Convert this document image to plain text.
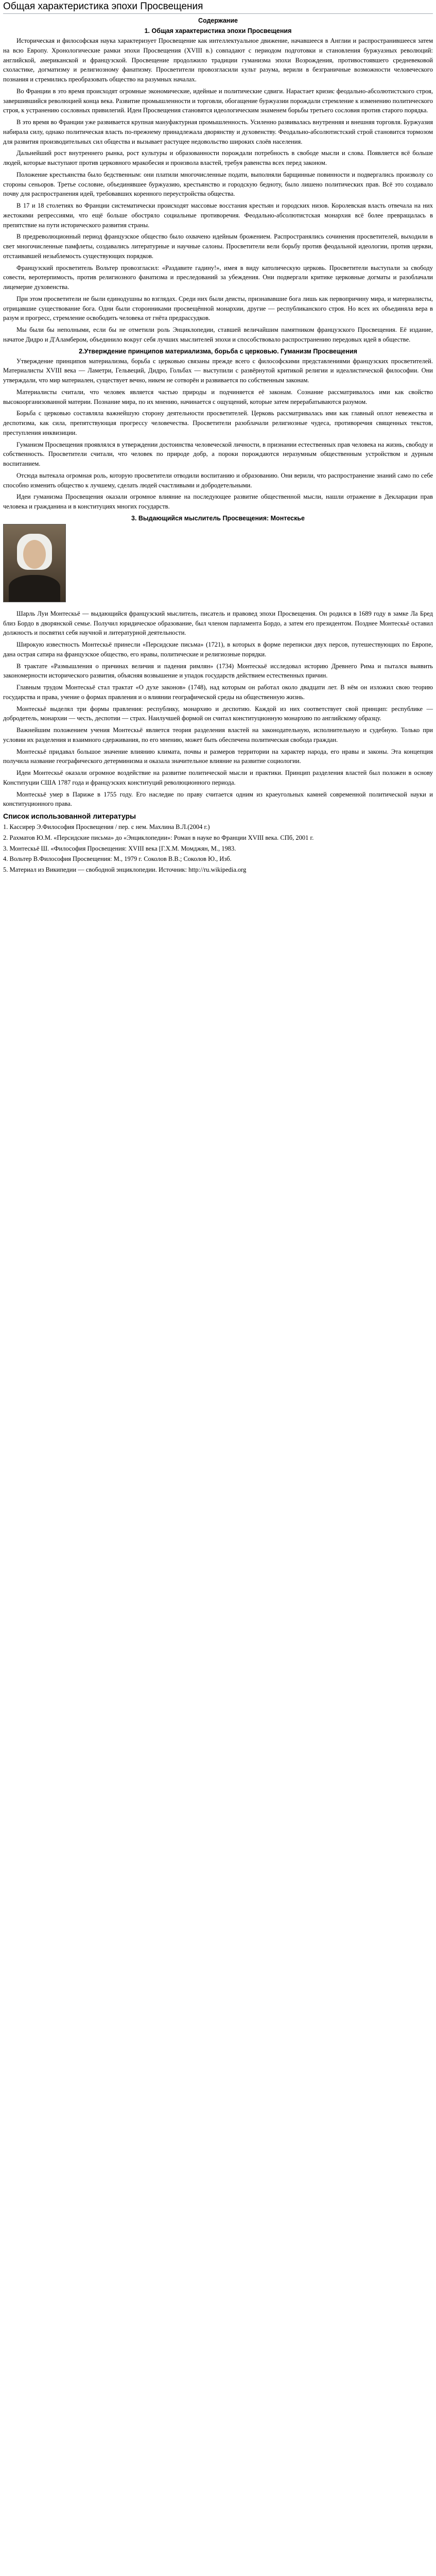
Общая характеристика эпохи Просвещения
Содержание
1. Общая характеристика эпохи Просвещения

Историческая и философская наука характеризует Просвещение как интеллектуальное движение, начавшееся в Англии и распространившееся затем на всю Европу. Хронологические рамки эпохи Просвещения (XVIII в.) совпадают с периодом подготовки и становления буржуазных революций: английской, американской и французской. Просвещение продолжило традиции гуманизма эпохи Возрождения, противостоявшего средневековой схоластике, догматизму и религиозному фанатизму. Просветители провозгласили культ разума, верили в безграничные возможности человеческого познания и стремились преобразовать общество на разумных началах.

Во Франции в это время происходят огромные экономические, идейные и политические сдвиги. Нарастает кризис феодально-абсолютистского строя, завершившийся революцией конца века. Развитие промышленности и торговли, обогащение буржуазии порождали стремление к изменению политического строя, к устранению сословных привилегий. Идеи Просвещения становятся идеологическим знаменем борьбы третьего сословия против старого порядка.

В это время во Франции уже развивается крупная мануфактурная промышленность. Усиленно развивалась внутренняя и внешняя торговля. Буржуазия набирала силу, однако политическая власть по-прежнему принадлежала дворянству и духовенству. Феодально-абсолютистский строй становится тормозом для развития производительных сил общества и вызывает растущее недовольство широких слоёв населения.

Дальнейший рост внутреннего рынка, рост культуры и образованности порождали потребность в свободе мысли и слова. Появляется всё больше людей, которые выступают против церковного мракобесия и произвола властей, требуя равенства всех перед законом.

Положение крестьянства было бедственным: они платили многочисленные подати, выполняли барщинные повинности и подвергались произволу со стороны сеньоров. Третье сословие, объединявшее буржуазию, крестьянство и городскую бедноту, было лишено политических прав. Всё это создавало почву для распространения идей, требовавших коренного переустройства общества.

В 17 и 18 столетиях во Франции систематически происходят массовые восстания крестьян и городских низов. Королевская власть отвечала на них жестокими репрессиями, что ещё больше обостряло социальные противоречия. Феодально-абсолютистская монархия всё более превращалась в препятствие на пути исторического развития страны.

В предреволюционный период французское общество было охвачено идейным брожением. Распространялись сочинения просветителей, выходили в свет многочисленные памфлеты, создавались литературные и научные салоны. Просветители вели борьбу против феодальной идеологии, против церкви, отстаивавшей незыблемость существующих порядков.

Французский просветитель Вольтер провозгласил: «Раздавите гадину!», имея в виду католическую церковь. Просветители выступали за свободу совести, веротерпимость, против религиозного фанатизма и преследований за убеждения. Они подвергали критике церковные догматы и разоблачали лицемерие духовенства.

При этом просветители не были единодушны во взглядах. Среди них были деисты, признававшие бога лишь как первопричину мира, и материалисты, отрицавшие существование бога. Одни были сторонниками просвещённой монархии, другие — республиканского строя. Но всех их объединяла вера в разум и прогресс, стремление освободить человека от гнёта предрассудков.

Мы были бы неполными, если бы не отметили роль Энциклопедии, ставшей величайшим памятником французского Просвещения. Её издание, начатое Дидро и Д'Аламбером, объединило вокруг себя лучших мыслителей эпохи и способствовало распространению передовых идей в обществе.

2.Утверждение принципов материализма, борьба с церковью. Гуманизм Просвещения

Утверждение принципов материализма, борьба с церковью связаны прежде всего с философскими представлениями французских просветителей. Материалисты XVIII века — Ламетри, Гельвеций, Дидро, Гольбах — выступили с развёрнутой критикой религии и идеалистической философии. Они утверждали, что мир материален, существует вечно, никем не сотворён и развивается по собственным законам.

Материалисты считали, что человек является частью природы и подчиняется её законам. Сознание рассматривалось ими как свойство высокоорганизованной материи. Познание мира, по их мнению, начинается с ощущений, которые затем перерабатываются разумом.

Борьба с церковью составляла важнейшую сторону деятельности просветителей. Церковь рассматривалась ими как главный оплот невежества и деспотизма, как сила, препятствующая прогрессу человечества. Просветители разоблачали религиозные чудеса, противоречия священных текстов, преступления инквизиции.

Гуманизм Просвещения проявлялся в утверждении достоинства человеческой личности, в признании естественных прав человека на жизнь, свободу и собственность. Просветители считали, что человек по природе добр, а пороки порождаются неразумным общественным устройством и дурным воспитанием.

Отсюда вытекала огромная роль, которую просветители отводили воспитанию и образованию. Они верили, что распространение знаний само по себе способно изменить общество к лучшему, сделать людей счастливыми и добродетельными.

Идеи гуманизма Просвещения оказали огромное влияние на последующее развитие общественной мысли, нашли отражение в Декларации прав человека и гражданина и в конституциях многих государств.

3. Выдающийся мыслитель Просвещения: Монтескье

Шарль Луи Монтескьё — выдающийся французский мыслитель, писатель и правовед эпохи Просвещения. Он родился в 1689 году в замке Ла Бред близ Бордо в дворянской семье. Получил юридическое образование, был членом парламента Бордо, а затем его президентом. Позднее Монтескьё оставил должность и посвятил себя научной и литературной деятельности.

Широкую известность Монтескьё принесли «Персидские письма» (1721), в которых в форме переписки двух персов, путешествующих по Европе, дана острая сатира на французское общество, его нравы, политические и религиозные порядки.

В трактате «Размышления о причинах величия и падения римлян» (1734) Монтескьё исследовал историю Древнего Рима и пытался выявить закономерности исторического развития, объясняя возвышение и упадок государств действием естественных причин.

Главным трудом Монтескьё стал трактат «О духе законов» (1748), над которым он работал около двадцати лет. В нём он изложил свою теорию государства и права, учение о формах правления и о влиянии географической среды на общественную жизнь.

Монтескьё выделял три формы правления: республику, монархию и деспотию. Каждой из них соответствует свой принцип: республике — добродетель, монархии — честь, деспотии — страх. Наилучшей формой он считал конституционную монархию по английскому образцу.

Важнейшим положением учения Монтескьё является теория разделения властей на законодательную, исполнительную и судебную. Только при условии их разделения и взаимного сдерживания, по его мнению, может быть обеспечена политическая свобода граждан.

Монтескьё придавал большое значение влиянию климата, почвы и размеров территории на характер народа, его нравы и законы. Эта концепция получила название географического детерминизма и оказала значительное влияние на развитие социологии.

Идеи Монтескьё оказали огромное воздействие на развитие политической мысли и практики. Принцип разделения властей был положен в основу Конституции США 1787 года и французских конституций революционного периода.

Монтескьё умер в Париже в 1755 году. Его наследие по праву считается одним из краеугольных камней современной политической науки и конституционного права.

Список использованной литературы
1. Кассирер Э.Философия Просвещения / пер. с нем. Махлина В.Л.(2004 г.)
2. Рахматов Ю.М. «Персидские письма» до «Энциклопедии»: Роман в науке во Франции XVIII века. СПб, 2001 г.
3. Монтескьё Ш. «Философия Просвещения: XVIII века [Г.Х.М. Момджян, М., 1983.
4. Вольтер В.Философия Просвещения: М., 1979 г. Соколов В.В.; Соколов Ю., Изб.
5. Материал из Википедии — свободной энциклопедии. Источник: http://ru.wikipedia.org
